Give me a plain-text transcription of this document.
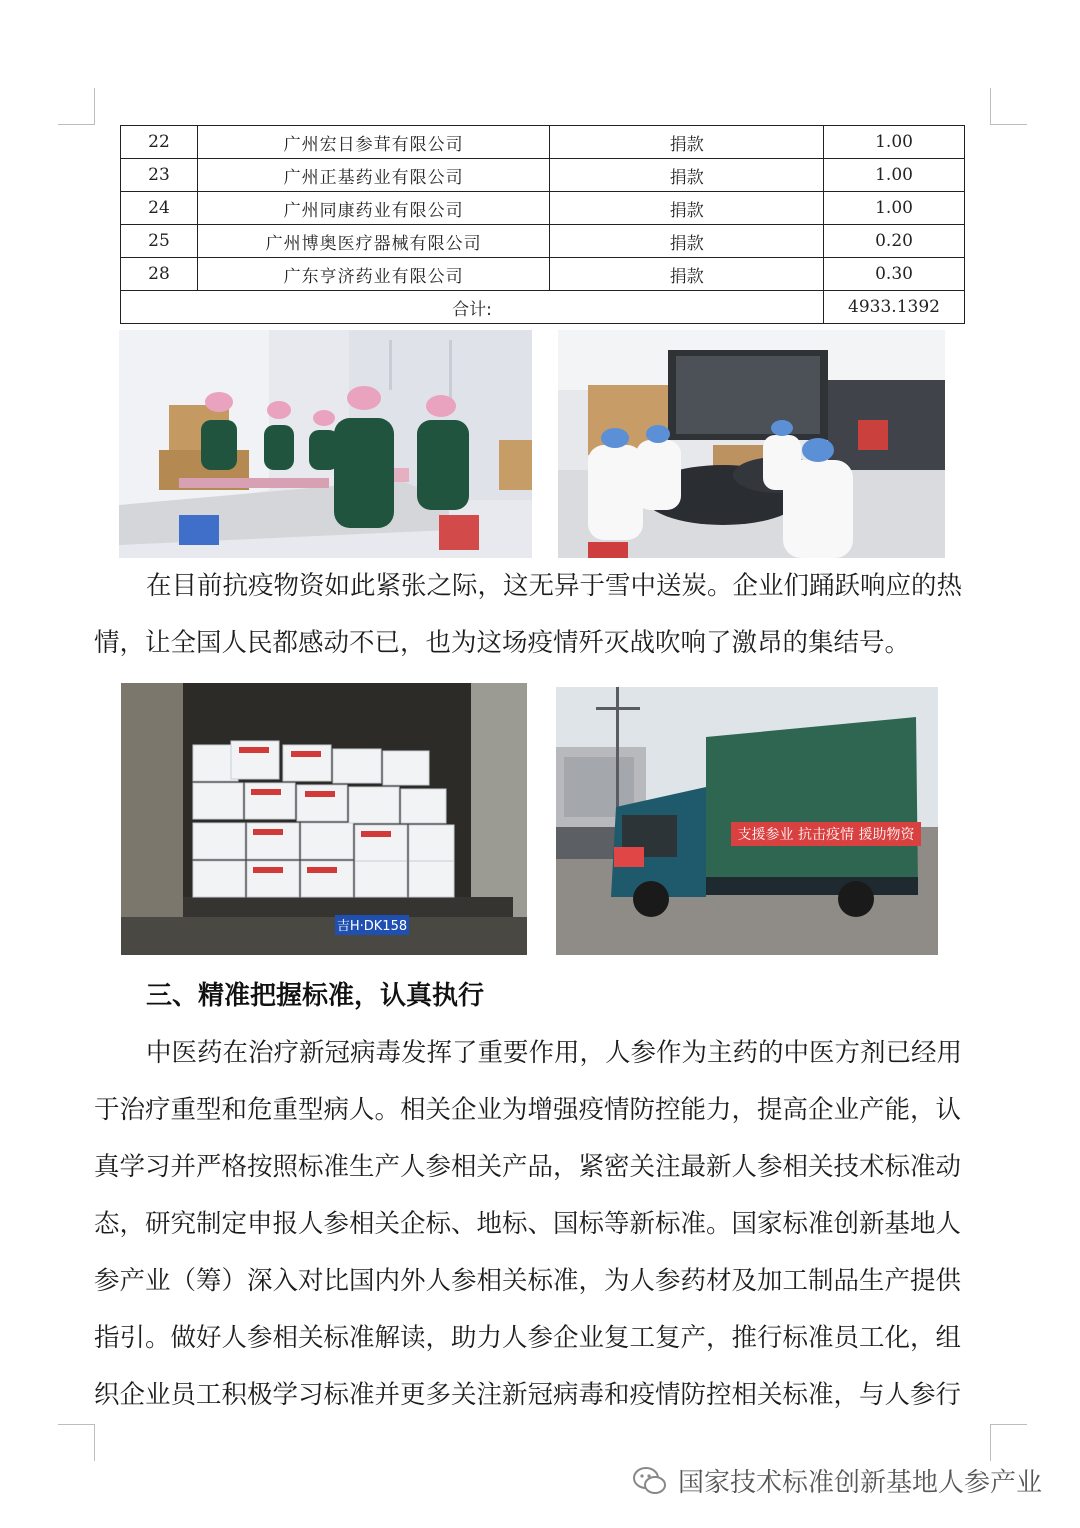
22	广州宏日参茸有限公司	捐款	1.00
23	广州正基药业有限公司	捐款	1.00
24	广州同康药业有限公司	捐款	1.00
25	广州博奥医疗器械有限公司	捐款	0.20
28	广东亨济药业有限公司	捐款	0.30
合计:			4933.1392

在目前抗疫物资如此紧张之际，这无异于雪中送炭。企业们踊跃响应的热
情，让全国人民都感动不已，也为这场疫情歼灭战吹响了激昂的集结号。

吉H·DK158
支援参业 抗击疫情 援助物资
三、精准把握标准，认真执行

中医药在治疗新冠病毒发挥了重要作用，人参作为主药的中医方剂已经用
于治疗重型和危重型病人。相关企业为增强疫情防控能力，提高企业产能，认
真学习并严格按照标准生产人参相关产品，紧密关注最新人参相关技术标准动
态，研究制定申报人参相关企标、地标、国标等新标准。国家标准创新基地人
参产业（筹）深入对比国内外人参相关标准，为人参药材及加工制品生产提供
指引。做好人参相关标准解读，助力人参企业复工复产，推行标准员工化，组
织企业员工积极学习标准并更多关注新冠病毒和疫情防控相关标准，与人参行

国家技术标准创新基地人参产业
